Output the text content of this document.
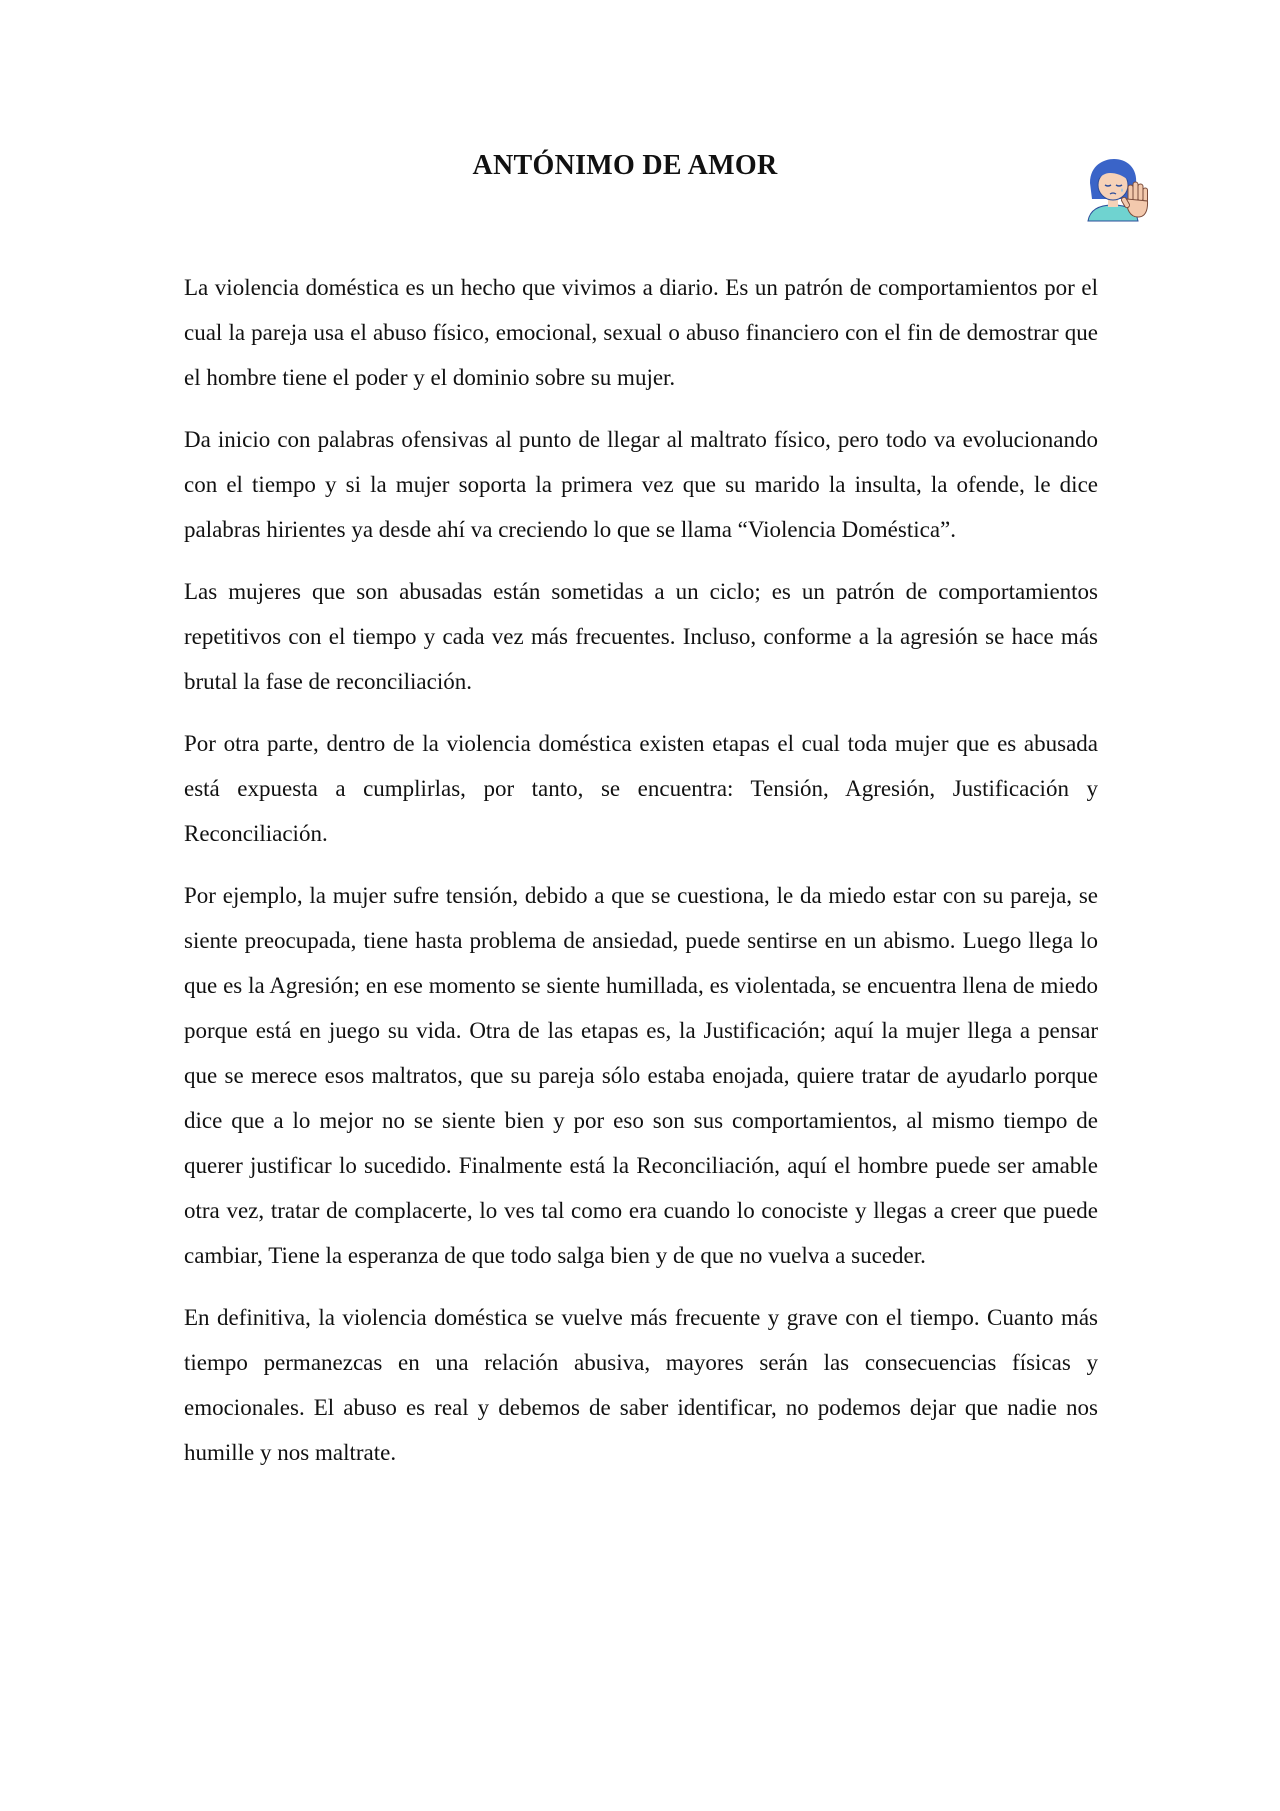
ANTÓNIMO DE AMOR

La violencia doméstica es un hecho que vivimos a diario. Es un patrón de comportamientos por el cual la pareja usa el abuso físico, emocional, sexual o abuso financiero con el fin de demostrar que el hombre tiene el poder y el dominio sobre su mujer.

Da inicio con palabras ofensivas al punto de llegar al maltrato físico, pero todo va evolucionando con el tiempo y si la mujer soporta la primera vez que su marido la insulta, la ofende, le dice palabras hirientes ya desde ahí va creciendo lo que se llama “Violencia Doméstica”.

Las mujeres que son abusadas están sometidas a un ciclo; es un patrón de comportamientos repetitivos con el tiempo y cada vez más frecuentes. Incluso, conforme a la agresión se hace más brutal la fase de reconciliación.

Por otra parte, dentro de la violencia doméstica existen etapas el cual toda mujer que es abusada está expuesta a cumplirlas, por tanto, se encuentra: Tensión, Agresión, Justificación y Reconciliación.

Por ejemplo, la mujer sufre tensión, debido a que se cuestiona, le da miedo estar con su pareja, se siente preocupada, tiene hasta problema de ansiedad, puede sentirse en un abismo. Luego llega lo que es la Agresión; en ese momento se siente humillada, es violentada, se encuentra llena de miedo porque está en juego su vida. Otra de las etapas es, la Justificación; aquí la mujer llega a pensar que se merece esos maltratos, que su pareja sólo estaba enojada, quiere tratar de ayudarlo porque dice que a lo mejor no se siente bien y por eso son sus comportamientos, al mismo tiempo de querer justificar lo sucedido. Finalmente está la Reconciliación, aquí el hombre puede ser amable otra vez, tratar de complacerte, lo ves tal como era cuando lo conociste y llegas a creer que puede cambiar, Tiene la esperanza de que todo salga bien y de que no vuelva a suceder.

En definitiva, la violencia doméstica se vuelve más frecuente y grave con el tiempo. Cuanto más tiempo permanezcas en una relación abusiva, mayores serán las consecuencias físicas y emocionales. El abuso es real y debemos de saber identificar, no podemos dejar que nadie nos humille y nos maltrate.
